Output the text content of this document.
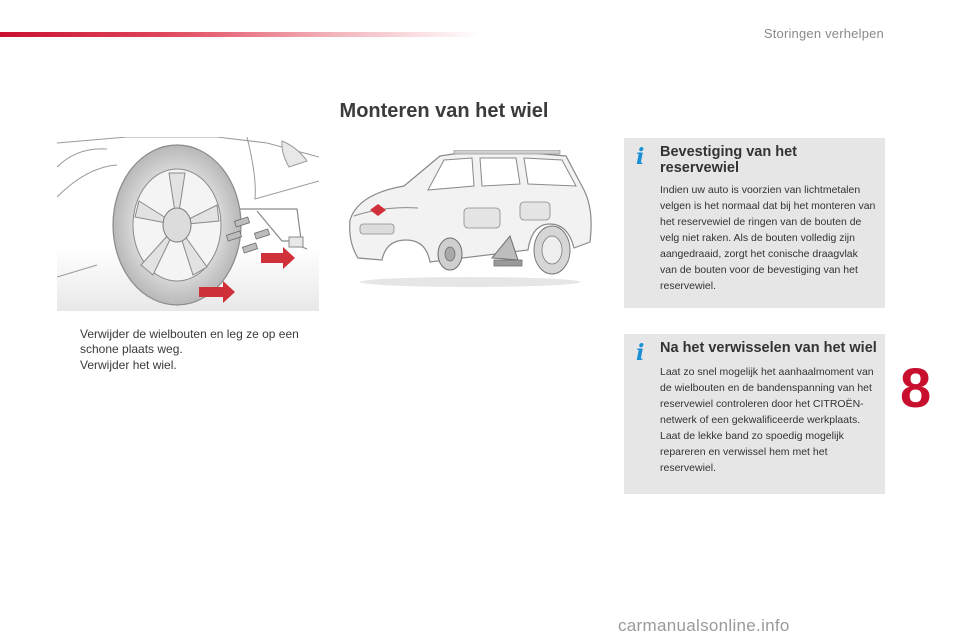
Storingen verhelpen
Monteren van het wiel
Verwijder de wielbouten en leg ze op een schone plaats weg.
Verwijder het wiel.
i Bevestiging van het reservewiel

Indien uw auto is voorzien van lichtmetalen velgen is het normaal dat bij het monteren van het reservewiel de ringen van de bouten de velg niet raken. Als de bouten volledig zijn aangedraaid, zorgt het conische draagvlak van de bouten voor de bevestiging van het reservewiel.

i Na het verwisselen van het wiel

Laat zo snel mogelijk het aanhaalmoment van de wielbouten en de bandenspanning van het reservewiel controleren door het CITROËN-netwerk of een gekwalificeerde werkplaats.

Laat de lekke band zo spoedig mogelijk repareren en verwissel hem met het reservewiel.

8
carmanualsonline.info
